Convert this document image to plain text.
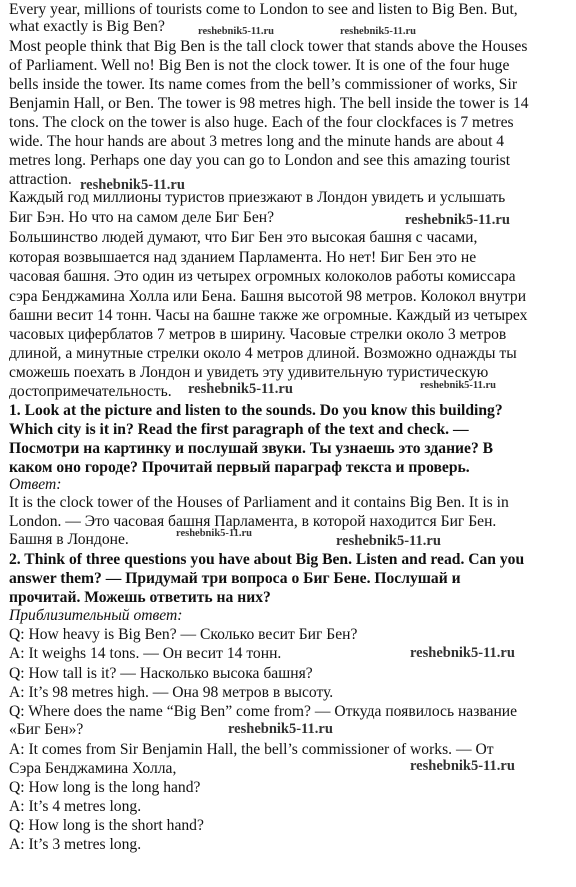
Every year, millions of tourists come to London to see and listen to Big Ben. But,
what exactly is Big Ben?
Most people think that Big Ben is the tall clock tower that stands above the Houses
of Parliament. Well no! Big Ben is not the clock tower. It is one of the four huge
bells inside the tower. Its name comes from the bell’s commissioner of works, Sir
Benjamin Hall, or Ben. The tower is 98 metres high. The bell inside the tower is 14
tons. The clock on the tower is also huge. Each of the four clockfaces is 7 metres
wide. The hour hands are about 3 metres long and the minute hands are about 4
metres long. Perhaps one day you can go to London and see this amazing tourist
attraction.
Каждый год миллионы туристов приезжают в Лондон увидеть и услышать
Биг Бэн. Но что на самом деле Биг Бен?
Большинство людей думают, что Биг Бен это высокая башня с часами,
которая возвышается над зданием Парламента. Но нет! Биг Бен это не
часовая башня. Это один из четырех огромных колоколов работы комиссара
сэра Бенджамина Холла или Бена. Башня высотой 98 метров. Колокол внутри
башни весит 14 тонн. Часы на башне также же огромные. Каждый из четырех
часовых циферблатов 7 метров в ширину. Часовые стрелки около 3 метров
длиной, а минутные стрелки около 4 метров длиной. Возможно однажды ты
сможешь поехать в Лондон и увидеть эту удивительную туристическую
достопримечательность.
1. Look at the picture and listen to the sounds. Do you know this building?
Which city is it in? Read the first paragraph of the text and check. —
Посмотри на картинку и послушай звуки. Ты узнаешь это здание? В
каком оно городе? Прочитай первый параграф текста и проверь.
Ответ:
It is the clock tower of the Houses of Parliament and it contains Big Ben. It is in
London. — Это часовая башня Парламента, в которой находится Биг Бен.
Башня в Лондоне.
2. Think of three questions you have about Big Ben. Listen and read. Can you
answer them? — Придумай три вопроса о Биг Бене. Послушай и
прочитай. Можешь ответить на них?
Приблизительный ответ:
Q: How heavy is Big Ben? — Сколько весит Биг Бен?
A: It weighs 14 tons. — Он весит 14 тонн.
Q: How tall is it? — Насколько высока башня?
A: It’s 98 metres high. — Она 98 метров в высоту.
Q: Where does the name “Big Ben” come from? — Откуда появилось название
«Биг Бен»?
A: It comes from Sir Benjamin Hall, the bell’s commissioner of works. — От
Сэра Бенджамина Холла,
Q: How long is the long hand?
A: It’s 4 metres long.
Q: How long is the short hand?
A: It’s 3 metres long.
reshebnik5-11.ru	reshebnik5-11.ru
reshebnik5-11.ru
reshebnik5-11.ru
reshebnik5-11.ru	reshebnik5-11.ru
reshebnik5-11.ru	reshebnik5-11.ru
reshebnik5-11.ru
reshebnik5-11.ru
reshebnik5-11.ru
